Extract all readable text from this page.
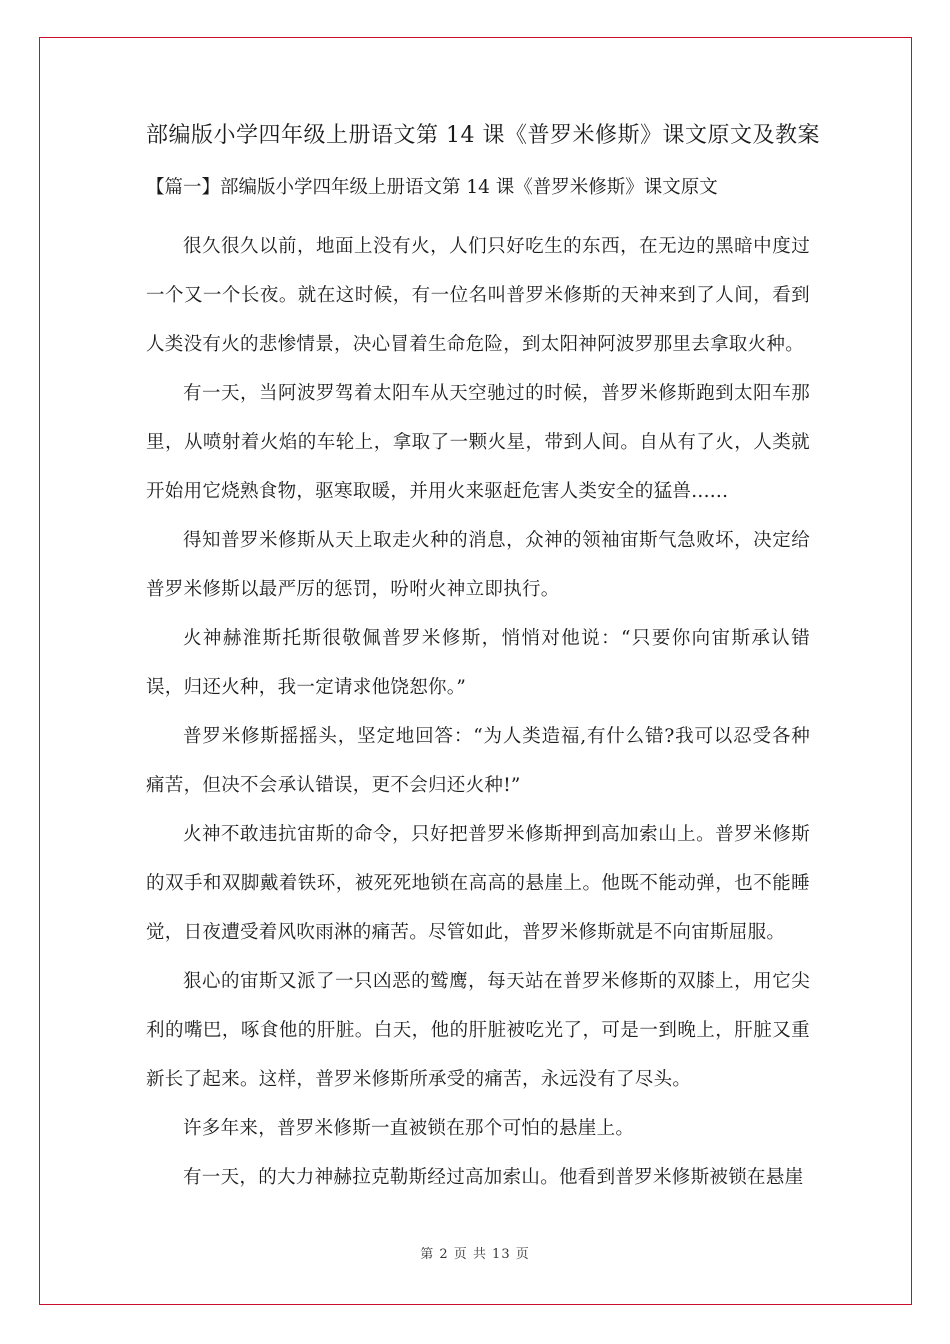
部编版小学四年级上册语文第 14 课《普罗米修斯》课文原文及教案
【篇一】部编版小学四年级上册语文第 14 课《普罗米修斯》课文原文

很久很久以前，地面上没有火，人们只好吃生的东西，在无边的黑暗中度过一个又一个长夜。就在这时候，有一位名叫普罗米修斯的天神来到了人间，看到人类没有火的悲惨情景，决心冒着生命危险，到太阳神阿波罗那里去拿取火种。

有一天，当阿波罗驾着太阳车从天空驰过的时候，普罗米修斯跑到太阳车那里，从喷射着火焰的车轮上，拿取了一颗火星，带到人间。自从有了火，人类就开始用它烧熟食物，驱寒取暖，并用火来驱赶危害人类安全的猛兽......

得知普罗米修斯从天上取走火种的消息，众神的领袖宙斯气急败坏，决定给普罗米修斯以最严厉的惩罚，吩咐火神立即执行。

火神赫淮斯托斯很敬佩普罗米修斯，悄悄对他说：“只要你向宙斯承认错误，归还火种，我一定请求他饶恕你。”

普罗米修斯摇摇头，坚定地回答：“为人类造福,有什么错?我可以忍受各种痛苦，但决不会承认错误，更不会归还火种!”

火神不敢违抗宙斯的命令，只好把普罗米修斯押到高加索山上。普罗米修斯的双手和双脚戴着铁环，被死死地锁在高高的悬崖上。他既不能动弹，也不能睡觉，日夜遭受着风吹雨淋的痛苦。尽管如此，普罗米修斯就是不向宙斯屈服。

狠心的宙斯又派了一只凶恶的鹫鹰，每天站在普罗米修斯的双膝上，用它尖利的嘴巴，啄食他的肝脏。白天，他的肝脏被吃光了，可是一到晚上，肝脏又重新长了起来。这样，普罗米修斯所承受的痛苦，永远没有了尽头。

许多年来，普罗米修斯一直被锁在那个可怕的悬崖上。

有一天，的大力神赫拉克勒斯经过高加索山。他看到普罗米修斯被锁在悬崖

第 2 页 共 13 页
